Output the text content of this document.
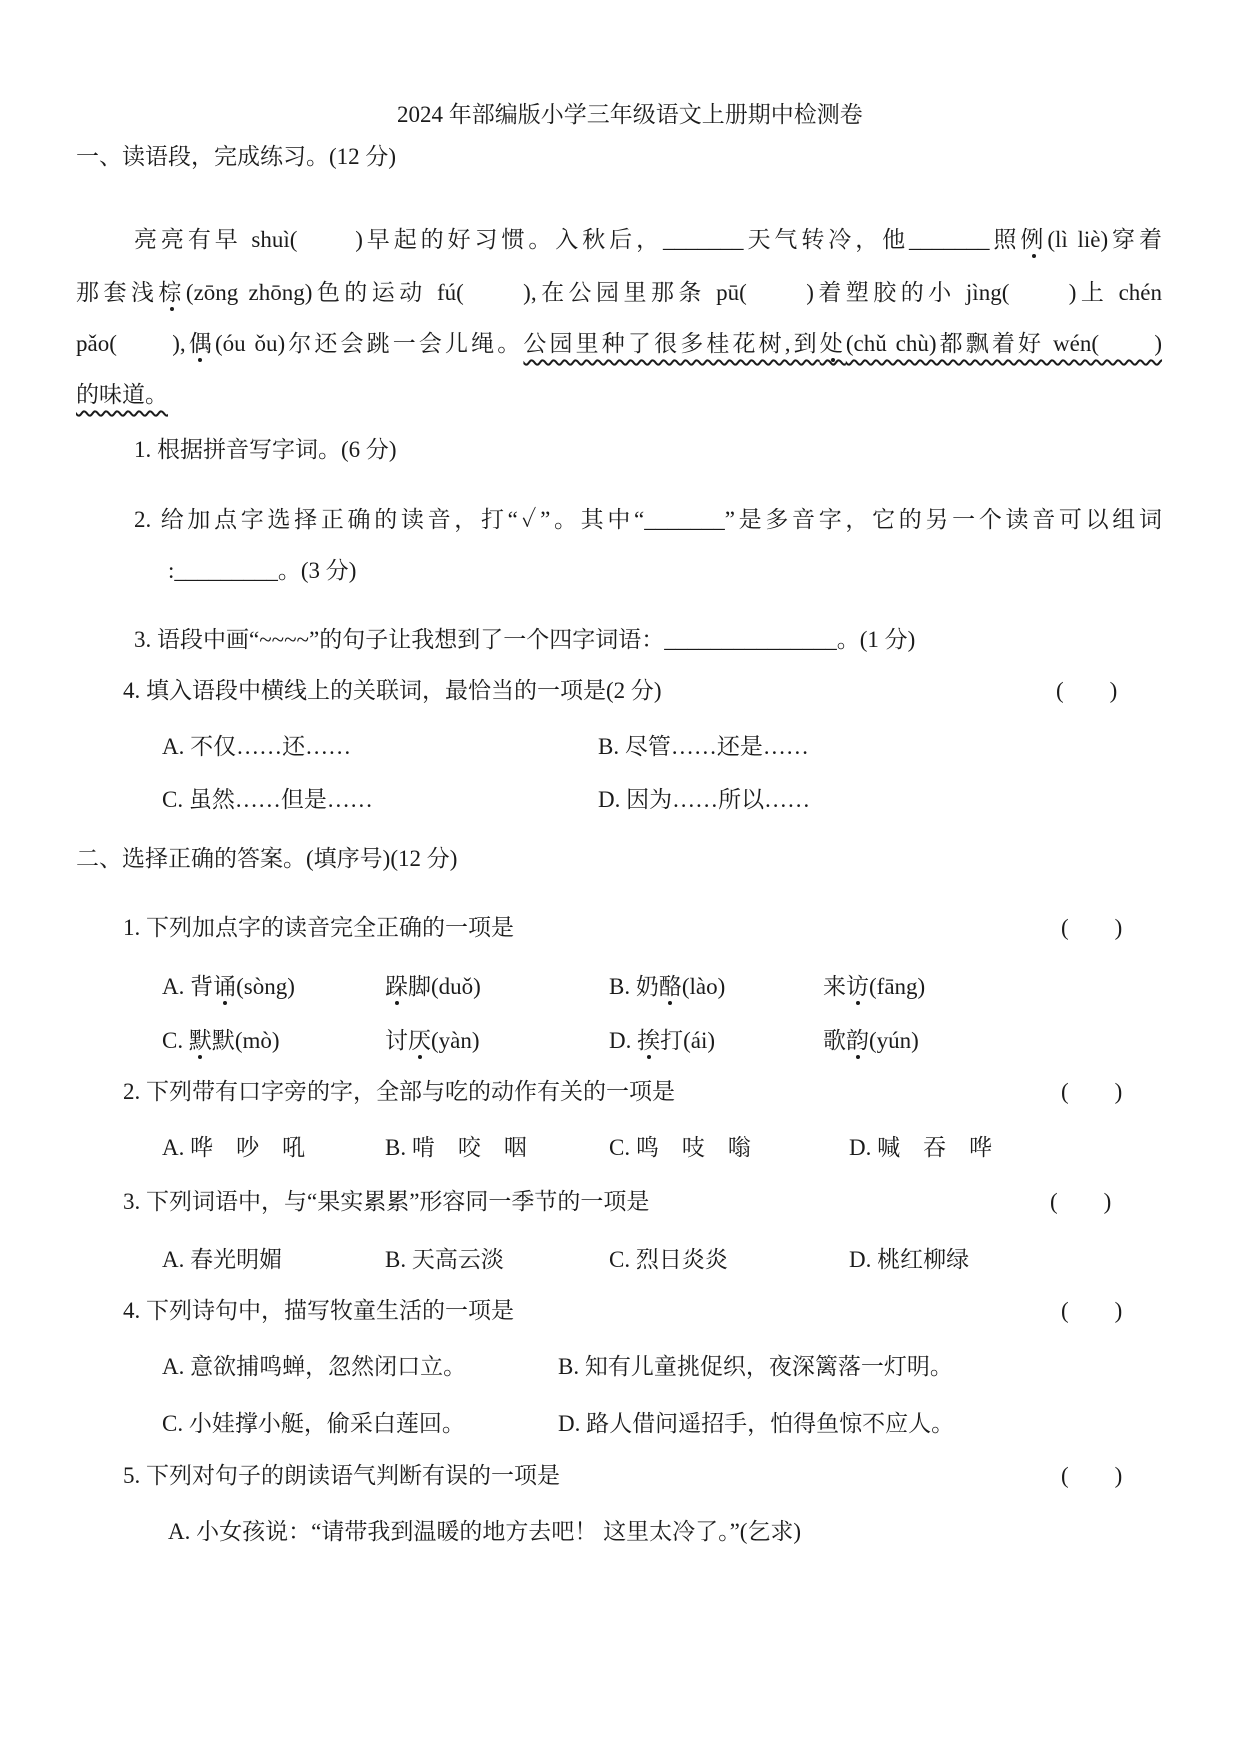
2024 年部编版小学三年级语文上册期中检测卷
一、读语段，完成练习。(12 分)
亮亮有早 shuì(　　)早起的好习惯。入秋后，_______天气转冷，他_______照例(lì liè)穿着
那套浅棕(zōng zhōng)色的运动 fú(　　),在公园里那条 pū(　　)着塑胶的小 jìng(　　)上 chén
pǎo(　　),偶(óu ǒu)尔还会跳一会儿绳。公园里种了很多桂花树,到处(chǔ chù)都飘着好 wén(　　)
的味道。
1. 根据拼音写字词。(6 分)
2. 给加点字选择正确的读音，打“✓”。其中“_______”是多音字，它的另一个读音可以组词
:_________。(3 分)
3. 语段中画“~~~~”的句子让我想到了一个四字词语：_______________。(1 分)
4. 填入语段中横线上的关联词，最恰当的一项是(2 分)	(　　)
A. 不仅……还……	B. 尽管……还是……
C. 虽然……但是……	D. 因为……所以……
二、选择正确的答案。(填序号)(12 分)
1. 下列加点字的读音完全正确的一项是	(　　)
A. 背诵(sòng)	跺脚(duǒ)	B. 奶酪(lào)	来访(fāng)
C. 默默(mò)	讨厌(yàn)	D. 挨打(ái)	歌韵(yún)
2. 下列带有口字旁的字，全部与吃的动作有关的一项是	(　　)
A. 哗　吵　吼	B. 啃　咬　咽	C. 鸣　吱　嗡	D. 喊　吞　哗
3. 下列词语中，与“果实累累”形容同一季节的一项是	(　　)
A. 春光明媚	B. 天高云淡	C. 烈日炎炎	D. 桃红柳绿
4. 下列诗句中，描写牧童生活的一项是	(　　)
A. 意欲捕鸣蝉，忽然闭口立。	B. 知有儿童挑促织，夜深篱落一灯明。
C. 小娃撑小艇，偷采白莲回。	D. 路人借问遥招手，怕得鱼惊不应人。
5. 下列对句子的朗读语气判断有误的一项是	(　　)
A. 小女孩说：“请带我到温暖的地方去吧！ 这里太冷了。”(乞求)
